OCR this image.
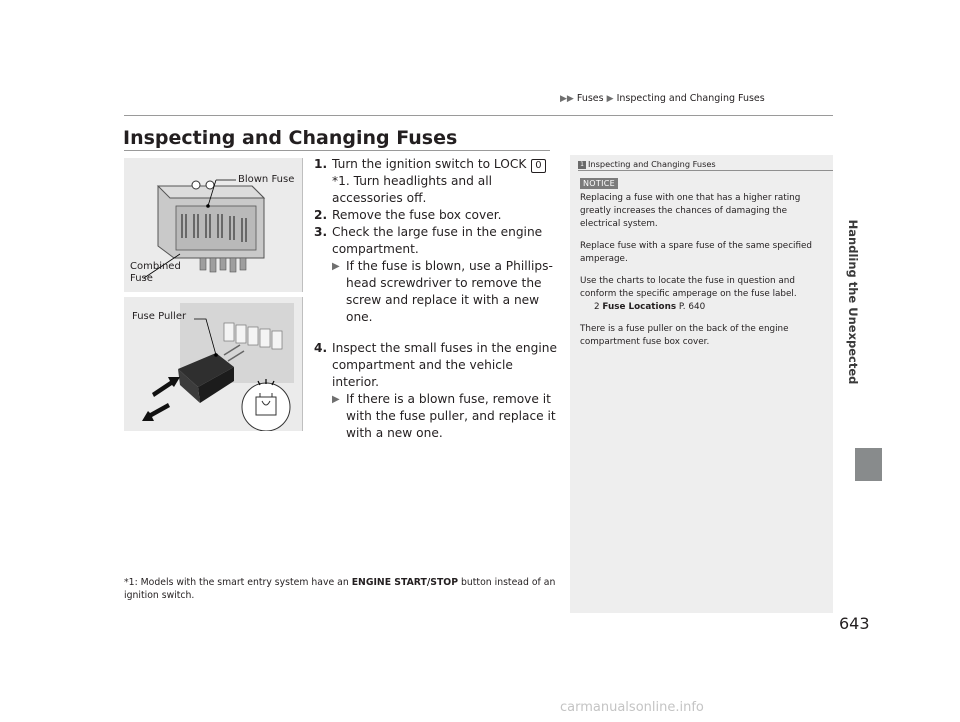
▶▶ Fuses ▶ Inspecting and Changing Fuses
Inspecting and Changing Fuses
Blown Fuse
Combined
Fuse
Fuse Puller
1. Turn the ignition switch to LOCK 0*1. Turn headlights and all accessories off.
2. Remove the fuse box cover.
3. Check the large fuse in the engine compartment.
▶ If the fuse is blown, use a Phillips-head screwdriver to remove the screw and replace it with a new one.
4. Inspect the small fuses in the engine compartment and the vehicle interior.
▶ If there is a blown fuse, remove it with the fuse puller, and replace it with a new one.
*1: Models with the smart entry system have an ENGINE START/STOP button instead of an ignition switch.
1 Inspecting and Changing Fuses
NOTICE

Replacing a fuse with one that has a higher rating greatly increases the chances of damaging the electrical system.

Replace fuse with a spare fuse of the same specified amperage.

Use the charts to locate the fuse in question and conform the specific amperage on the fuse label.

2 Fuse Locations P. 640

There is a fuse puller on the back of the engine compartment fuse box cover.	Handling the Unexpected
643
carmanualsonline.info
